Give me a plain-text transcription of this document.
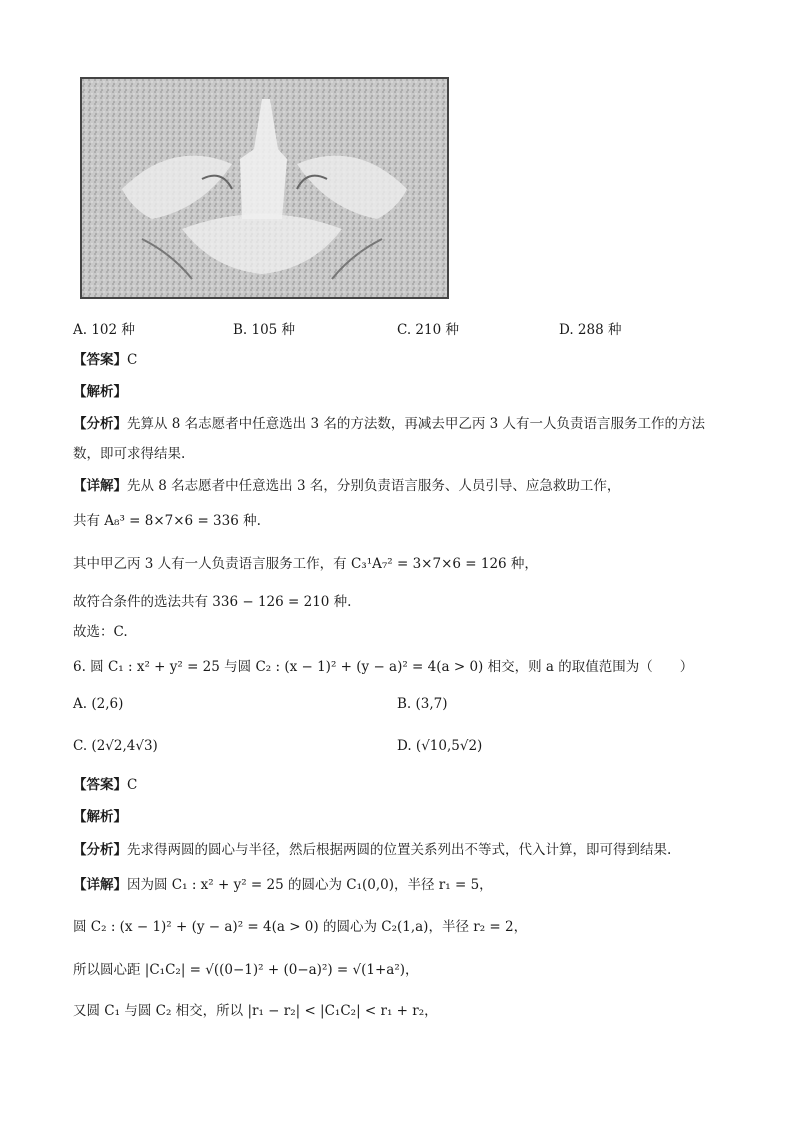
A. 102 种	B. 105 种	C. 210 种	D. 288 种
【答案】C
【解析】
【分析】先算从 8 名志愿者中任意选出 3 名的方法数，再减去甲乙丙 3 人有一人负责语言服务工作的方法
数，即可求得结果.
【详解】先从 8 名志愿者中任意选出 3 名，分别负责语言服务、人员引导、应急救助工作，
共有 A₈³ = 8×7×6 = 336 种.
其中甲乙丙 3 人有一人负责语言服务工作，有 C₃¹A₇² = 3×7×6 = 126 种，
故符合条件的选法共有 336 − 126 = 210 种.
故选：C.
6. 圆 C₁ : x² + y² = 25 与圆 C₂ : (x − 1)² + (y − a)² = 4(a > 0) 相交，则 a 的取值范围为（　　）
A. (2,6)	B. (3,7)
C. (2√2,4√3)	D. (√10,5√2)
【答案】C
【解析】
【分析】先求得两圆的圆心与半径，然后根据两圆的位置关系列出不等式，代入计算，即可得到结果.
【详解】因为圆 C₁ : x² + y² = 25 的圆心为 C₁(0,0)，半径 r₁ = 5，
圆 C₂ : (x − 1)² + (y − a)² = 4(a > 0) 的圆心为 C₂(1,a)，半径 r₂ = 2，
所以圆心距 |C₁C₂| = √((0−1)² + (0−a)²) = √(1+a²)，
又圆 C₁ 与圆 C₂ 相交，所以 |r₁ − r₂| < |C₁C₂| < r₁ + r₂，
